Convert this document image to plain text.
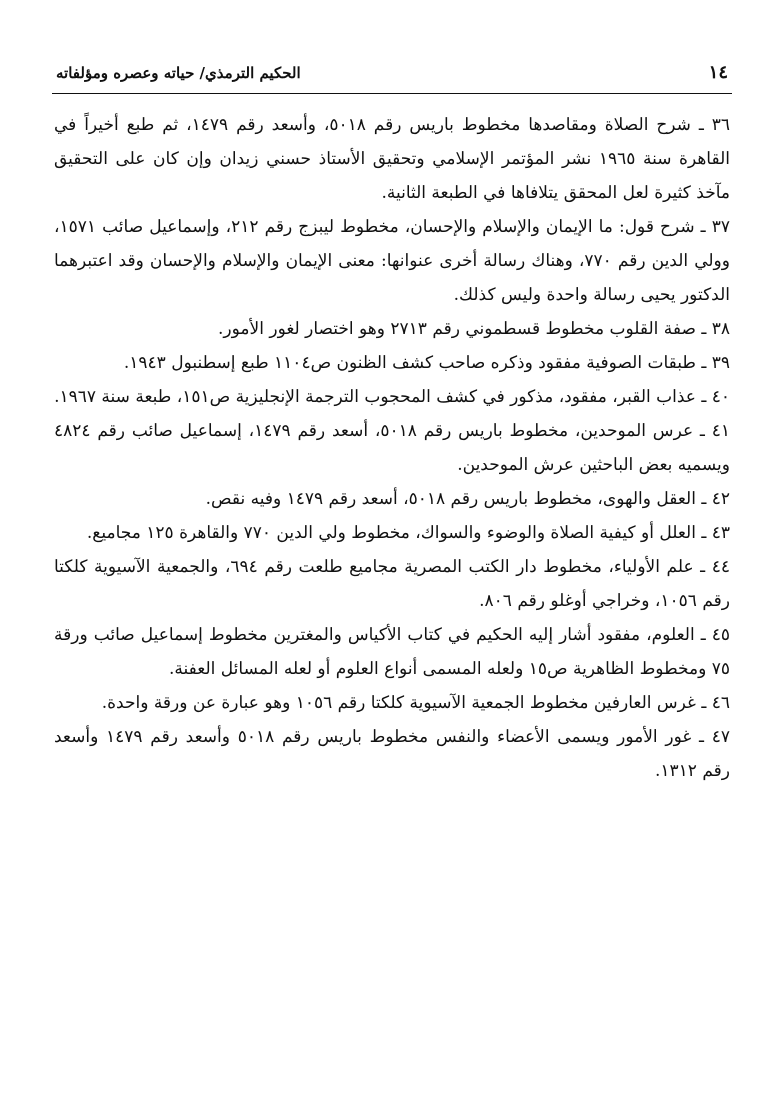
١٤
الحكيم الترمذي/ حياته وعصره ومؤلفاته

٣٦ ـ شرح الصلاة ومقاصدها مخطوط باريس رقم ٥٠١٨، وأسعد رقم ١٤٧٩، ثم طبع أخيراً في القاهرة سنة ١٩٦٥ نشر المؤتمر الإسلامي وتحقيق الأستاذ حسني زيدان وإن كان على التحقيق مآخذ كثيرة لعل المحقق يتلافاها في الطبعة الثانية.

٣٧ ـ شرح قول: ما الإيمان والإسلام والإحسان، مخطوط ليبزج رقم ٢١٢، وإسماعيل صائب ١٥٧١، وولي الدين رقم ٧٧٠، وهناك رسالة أخرى عنوانها: معنى الإيمان والإسلام والإحسان وقد اعتبرهما الدكتور يحيى رسالة واحدة وليس كذلك.

٣٨ ـ صفة القلوب مخطوط قسطموني رقم ٢٧١٣ وهو اختصار لغور الأمور.

٣٩ ـ طبقات الصوفية مفقود وذكره صاحب كشف الظنون ص١١٠٤ طبع إسطنبول ١٩٤٣.

٤٠ ـ عذاب القبر، مفقود، مذكور في كشف المحجوب الترجمة الإنجليزية ص١٥١، طبعة سنة ١٩٦٧.

٤١ ـ عرس الموحدين، مخطوط باريس رقم ٥٠١٨، أسعد رقم ١٤٧٩، إسماعيل صائب رقم ٤٨٢٤ ويسميه بعض الباحثين عرش الموحدين.

٤٢ ـ العقل والهوى، مخطوط باريس رقم ٥٠١٨، أسعد رقم ١٤٧٩ وفيه نقص.

٤٣ ـ العلل أو كيفية الصلاة والوضوء والسواك، مخطوط ولي الدين ٧٧٠ والقاهرة ١٢٥ مجاميع.

٤٤ ـ علم الأولياء، مخطوط دار الكتب المصرية مجاميع طلعت رقم ٦٩٤، والجمعية الآسيوية كلكتا رقم ١٠٥٦، وخراجي أوغلو رقم ٨٠٦.

٤٥ ـ العلوم، مفقود أشار إليه الحكيم في كتاب الأكياس والمغترين مخطوط إسماعيل صائب ورقة ٧٥ ومخطوط الظاهرية ص١٥ ولعله المسمى أنواع العلوم أو لعله المسائل العفنة.

٤٦ ـ غرس العارفين مخطوط الجمعية الآسيوية كلكتا رقم ١٠٥٦ وهو عبارة عن ورقة واحدة.

٤٧ ـ غور الأمور ويسمى الأعضاء والنفس مخطوط باريس رقم ٥٠١٨ وأسعد رقم ١٤٧٩ وأسعد رقم ١٣١٢.
